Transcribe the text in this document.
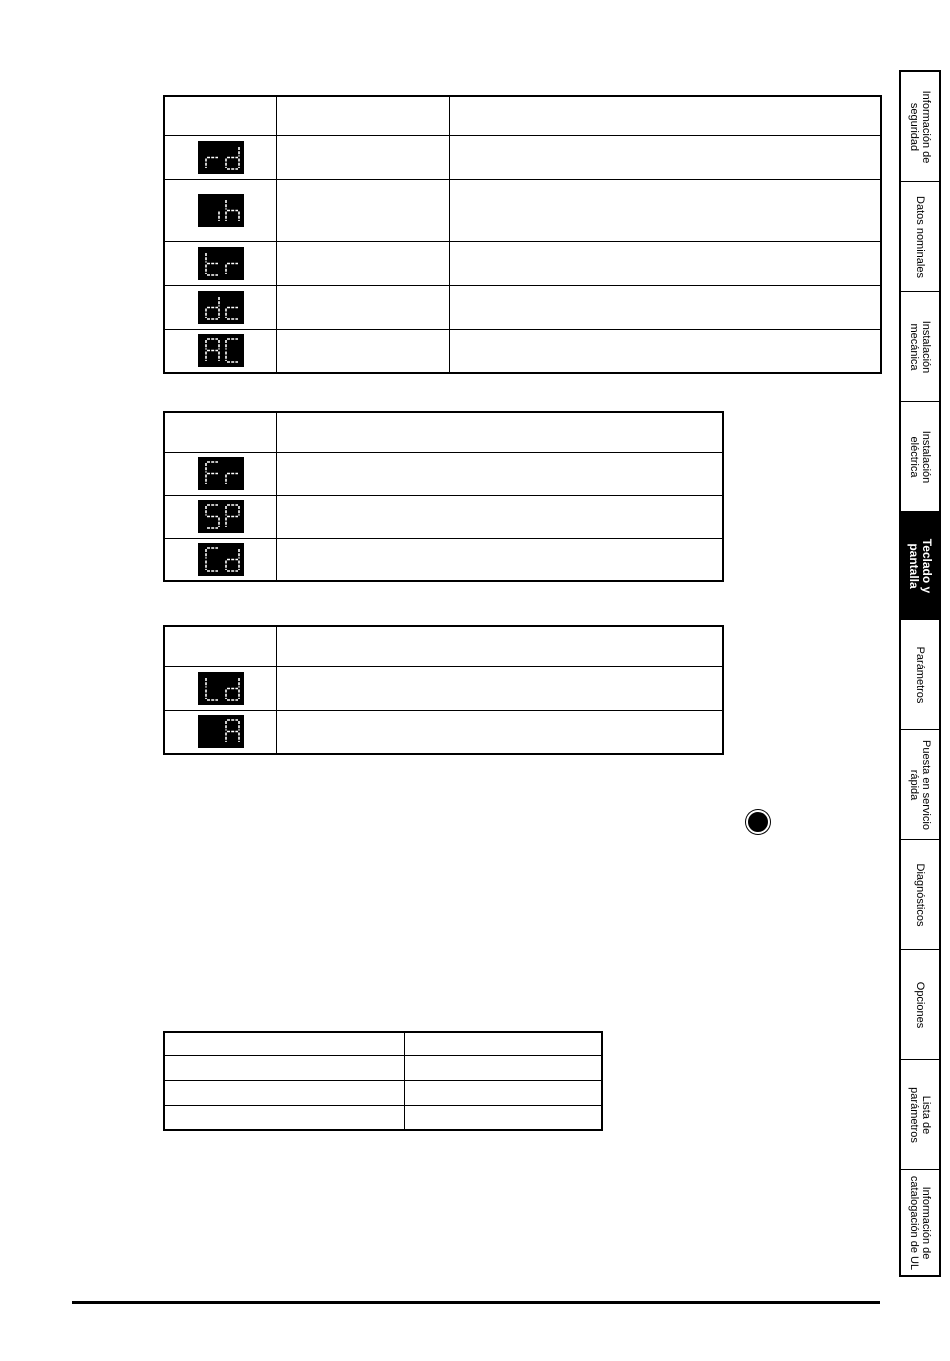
Información de
seguridad
Datos nominales
Instalación
mecánica
Instalación
eléctrica
Teclado y
pantalla
Parámetros
Puesta en servicio
rápida
Diagnósticos
Opciones
Lista de
parámetros
Información de
catalogación de UL
